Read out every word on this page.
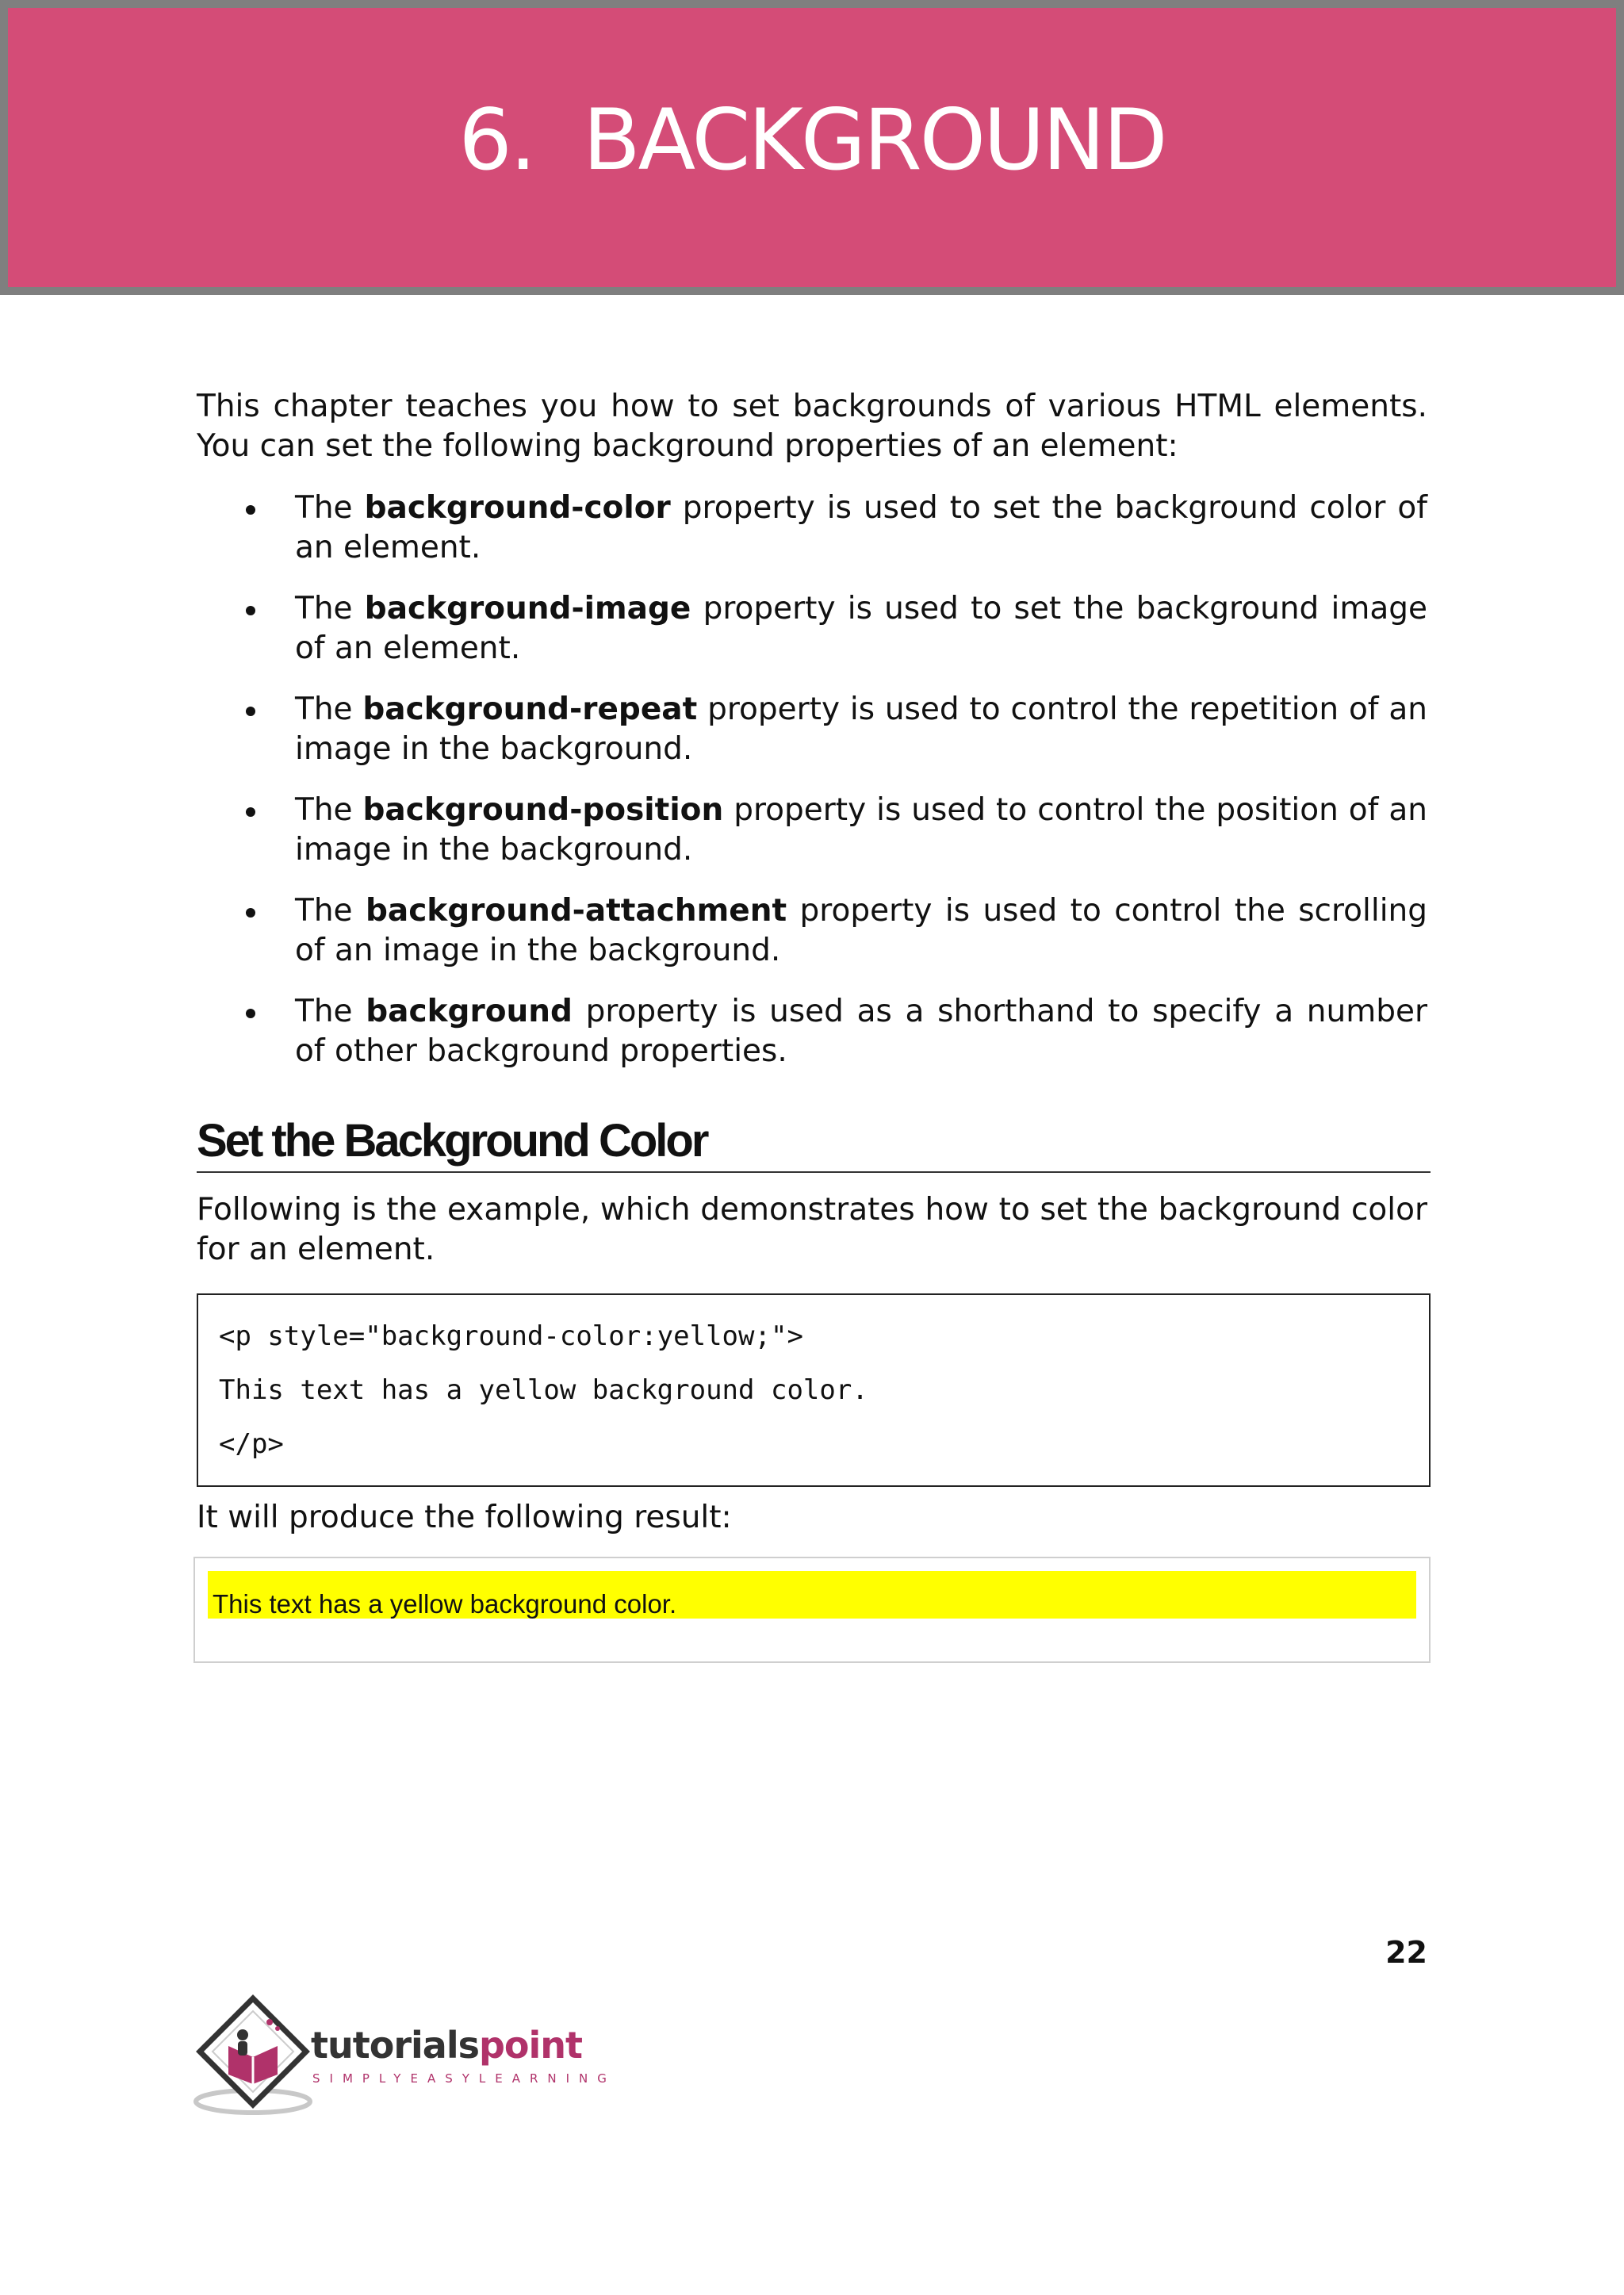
6.  BACKGROUND

This chapter teaches you how to set backgrounds of various HTML elements. You can set the following background properties of an element:

The background-color property is used to set the background color of an element.
The background-image property is used to set the background image of an element.
The background-repeat property is used to control the repetition of an image in the background.
The background-position property is used to control the position of an image in the background.
The background-attachment property is used to control the scrolling of an image in the background.
The background property is used as a shorthand to specify a number of other background properties.
Set the Background Color

Following is the example, which demonstrates how to set the background color for an element.

<p style="background-color:yellow;">

This text has a yellow background color.

</p>

It will produce the following result:

This text has a yellow background color.
22
tutorialspoint
SIMPLYEASYLEARNING
